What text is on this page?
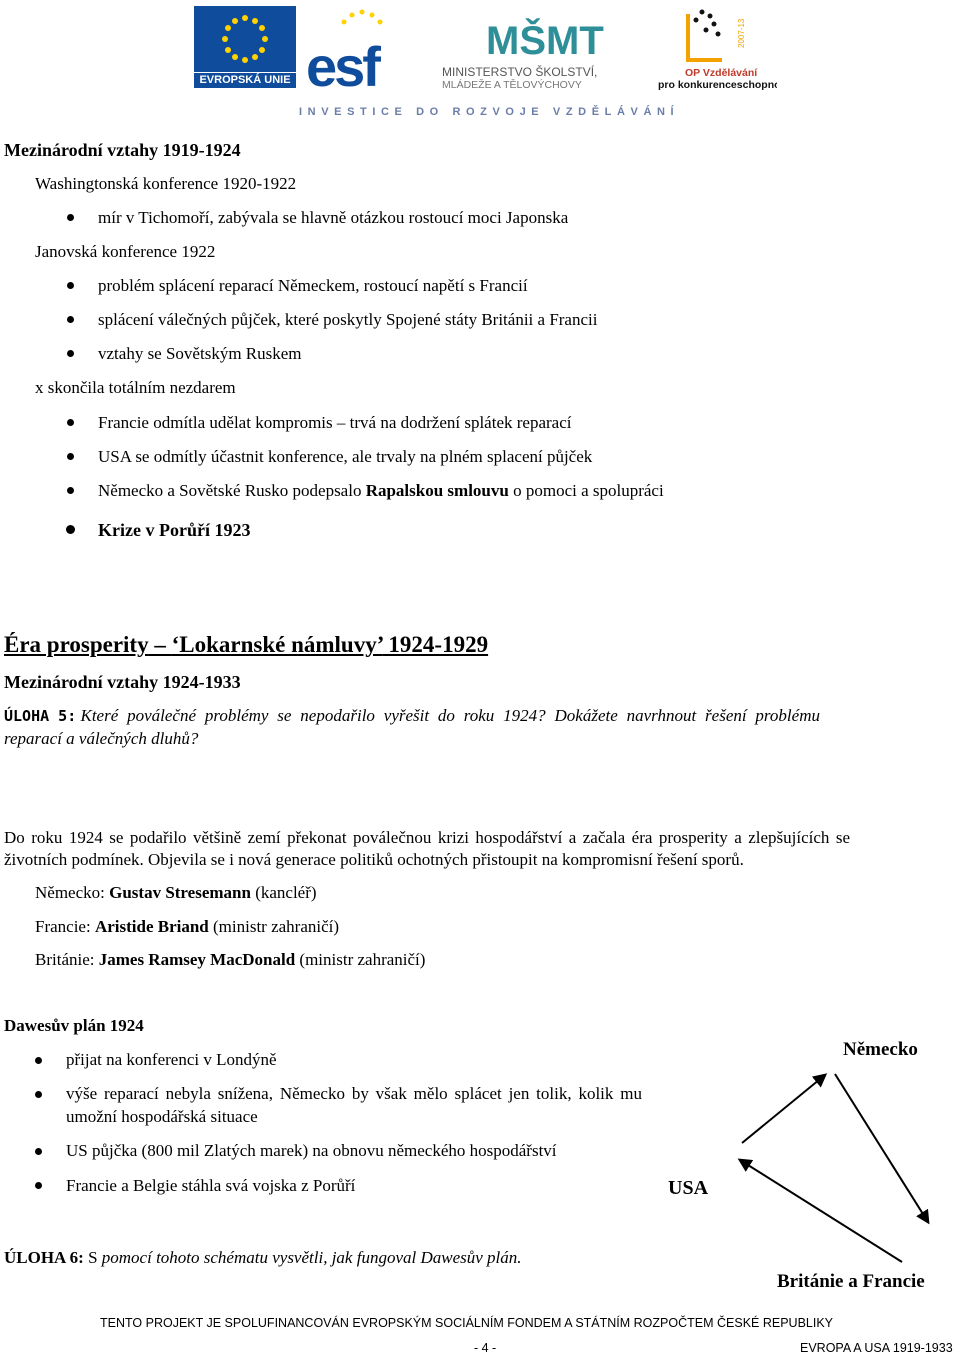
EVROPSKÁ UNIE esf	MŠMT
MINISTERSTVO ŠKOLSTVÍ,
MLÁDEŽE A TĚLOVÝCHOVY
2007-13
OP Vzdělávání
pro konkurenceschopnost
INVESTICE DO ROZVOJE VZDĚLÁVÁNÍ
Mezinárodní vztahy 1919-1924
Washingtonská konference 1920-1922
mír v Tichomoří, zabývala se hlavně otázkou rostoucí moci Japonska
Janovská konference 1922
problém splácení reparací Německem, rostoucí napětí s Francií
splácení válečných půjček, které poskytly Spojené státy Británii a Francii
vztahy se Sovětským Ruskem
x skončila totálním nezdarem
Francie odmítla udělat kompromis – trvá na dodržení splátek reparací
USA se odmítly účastnit konference, ale trvaly na plném splacení půjček
Německo a Sovětské Rusko podepsalo Rapalskou smlouvu o pomoci a spolupráci
Krize v Porůří 1923
Éra prosperity – ‘Lokarnské námluvy’ 1924-1929
Mezinárodní vztahy 1924-1933
ÚLOHA 5: Které poválečné problémy se nepodařilo vyřešit do roku 1924? Dokážete navrhnout řešení problému
reparací a válečných dluhů?
Do roku 1924 se podařilo většině zemí překonat poválečnou krizi hospodářství a začala éra prosperity a zlepšujících se
životních podmínek. Objevila se i nová generace politiků ochotných přistoupit na kompromisní řešení sporů.
Německo: Gustav Stresemann (kancléř)
Francie: Aristide Briand (ministr zahraničí)
Británie: James Ramsey MacDonald (ministr zahraničí)
Dawesův plán 1924
přijat na konferenci v Londýně
výše reparací nebyla snížena, Německo by však mělo splácet jen tolik, kolik mu
umožní hospodářská situace
US půjčka (800 mil Zlatých marek) na obnovu německého hospodářství
Francie a Belgie stáhla svá vojska z Porůří
Německo
USA
Británie a Francie
ÚLOHA 6: S pomocí tohoto schématu vysvětli, jak fungoval Dawesův plán.
TENTO PROJEKT JE SPOLUFINANCOVÁN EVROPSKÝM SOCIÁLNÍM FONDEM A STÁTNÍM ROZPOČTEM ČESKÉ REPUBLIKY
- 4 -	EVROPA A USA 1919-1933
